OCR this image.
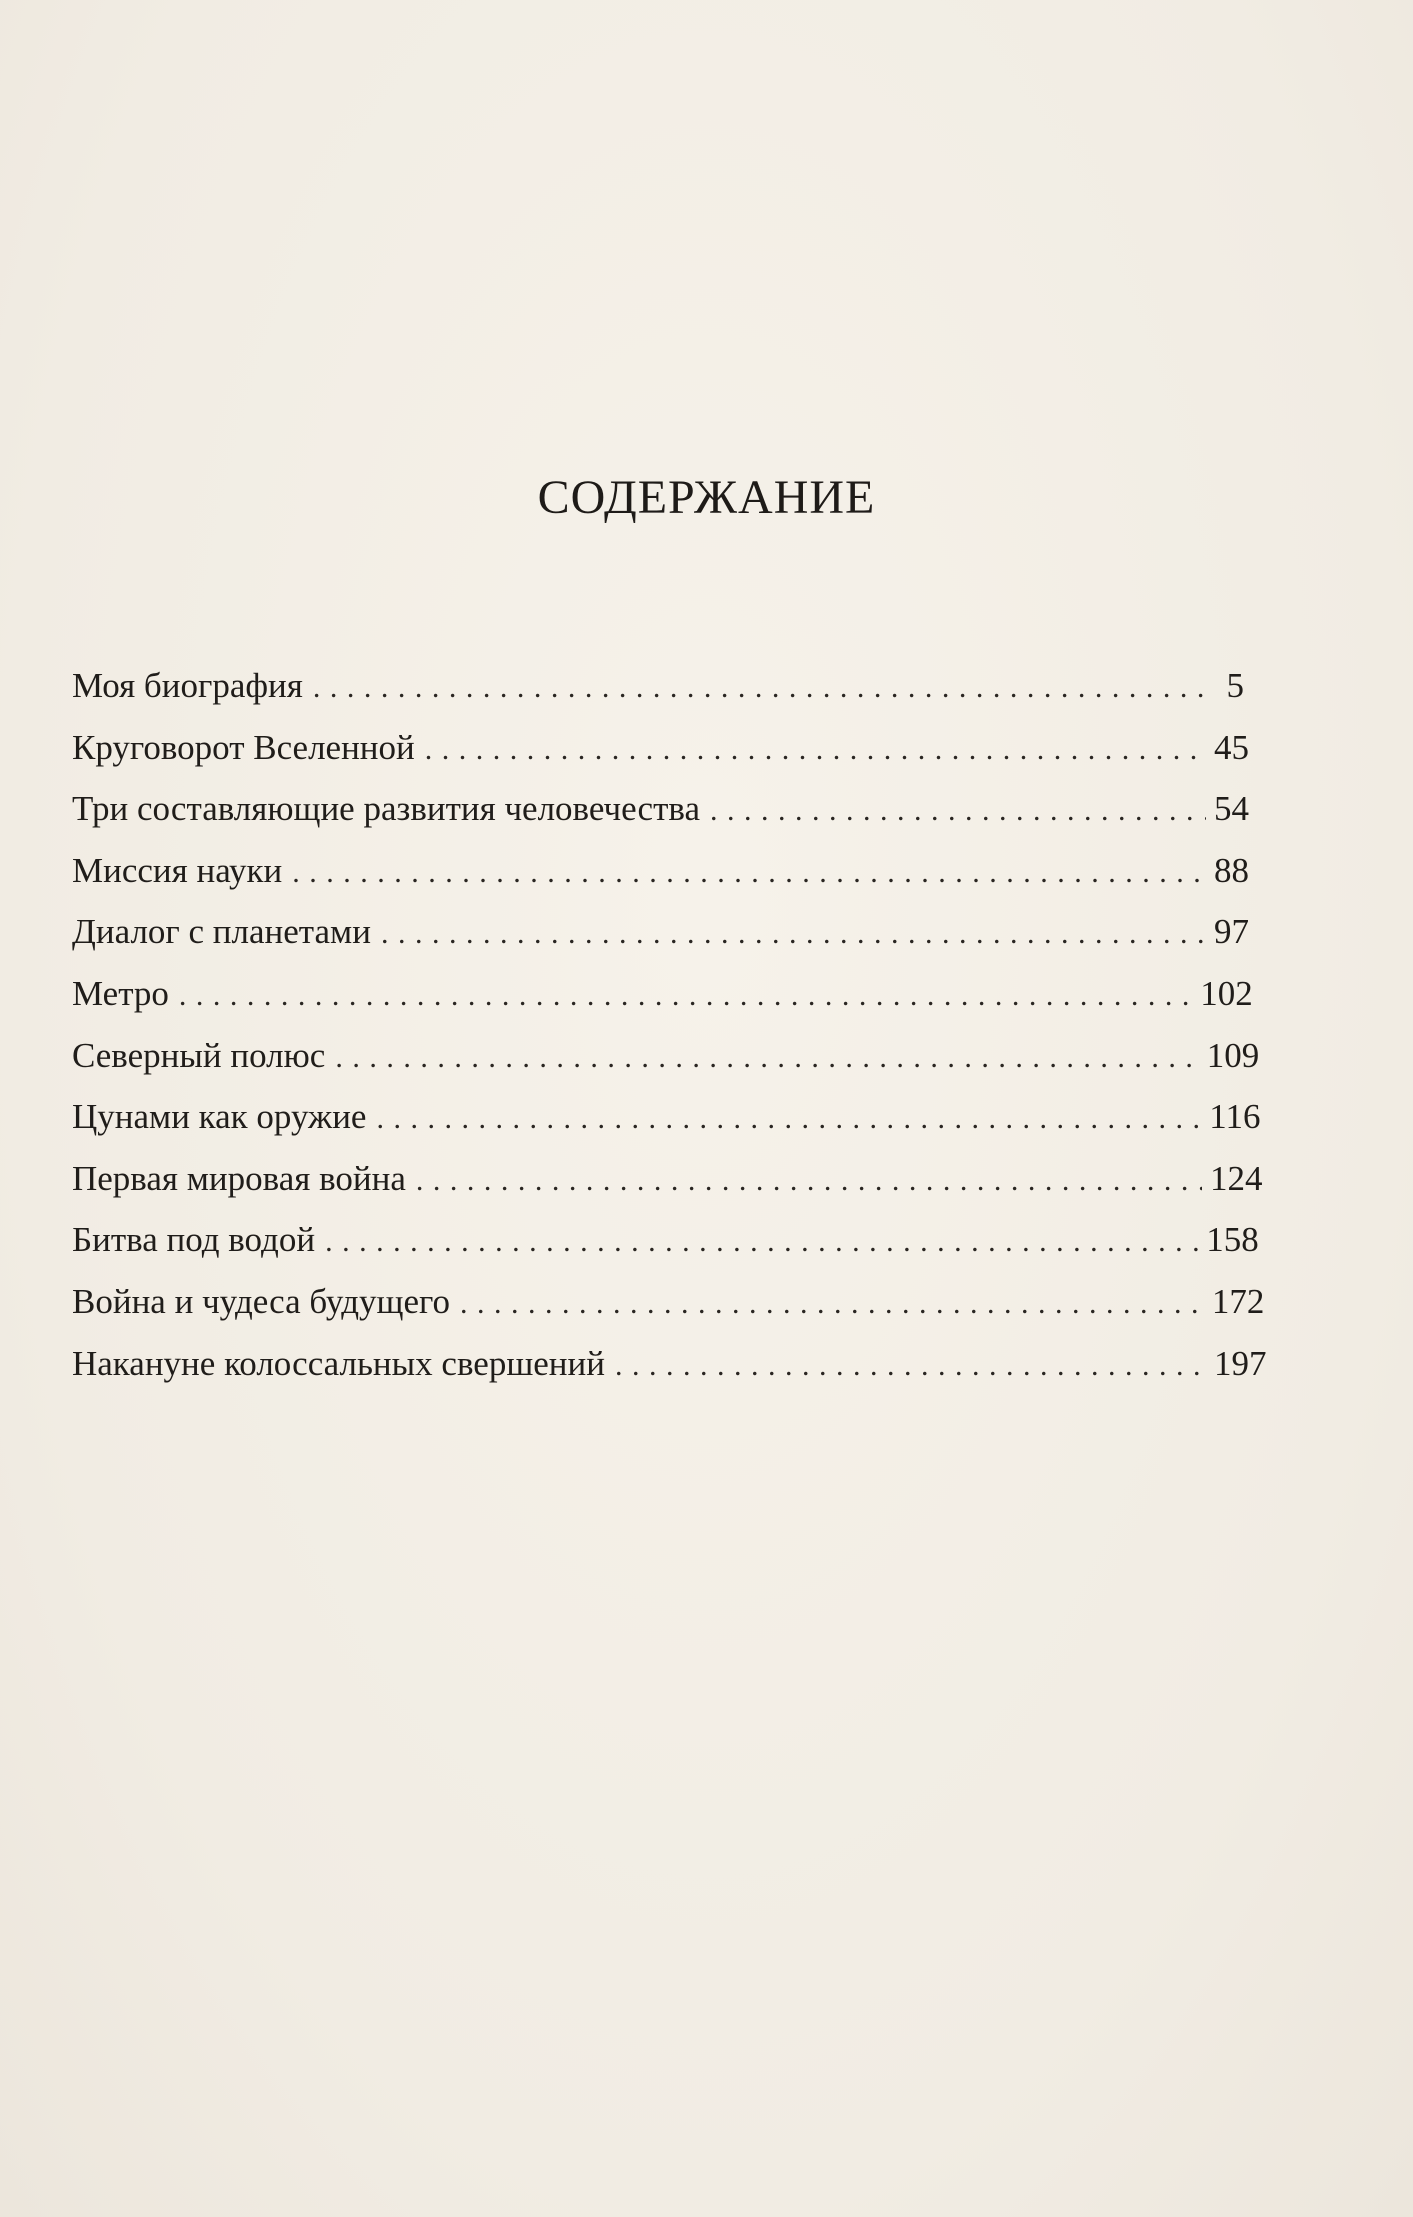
СОДЕРЖАНИЕ
Моя биография . . .	5
Круговорот Вселенной . . .	45
Три составляющие развития человечества . . .	54
Миссия науки . . .	88
Диалог с планетами . . .	97
Метро . . .	102
Северный полюс . . .	109
Цунами как оружие . . .	116
Первая мировая война . . .	124
Битва под водой . . .	158
Война и чудеса будущего . . .	172
Накануне колоссальных свершений . . .	197
